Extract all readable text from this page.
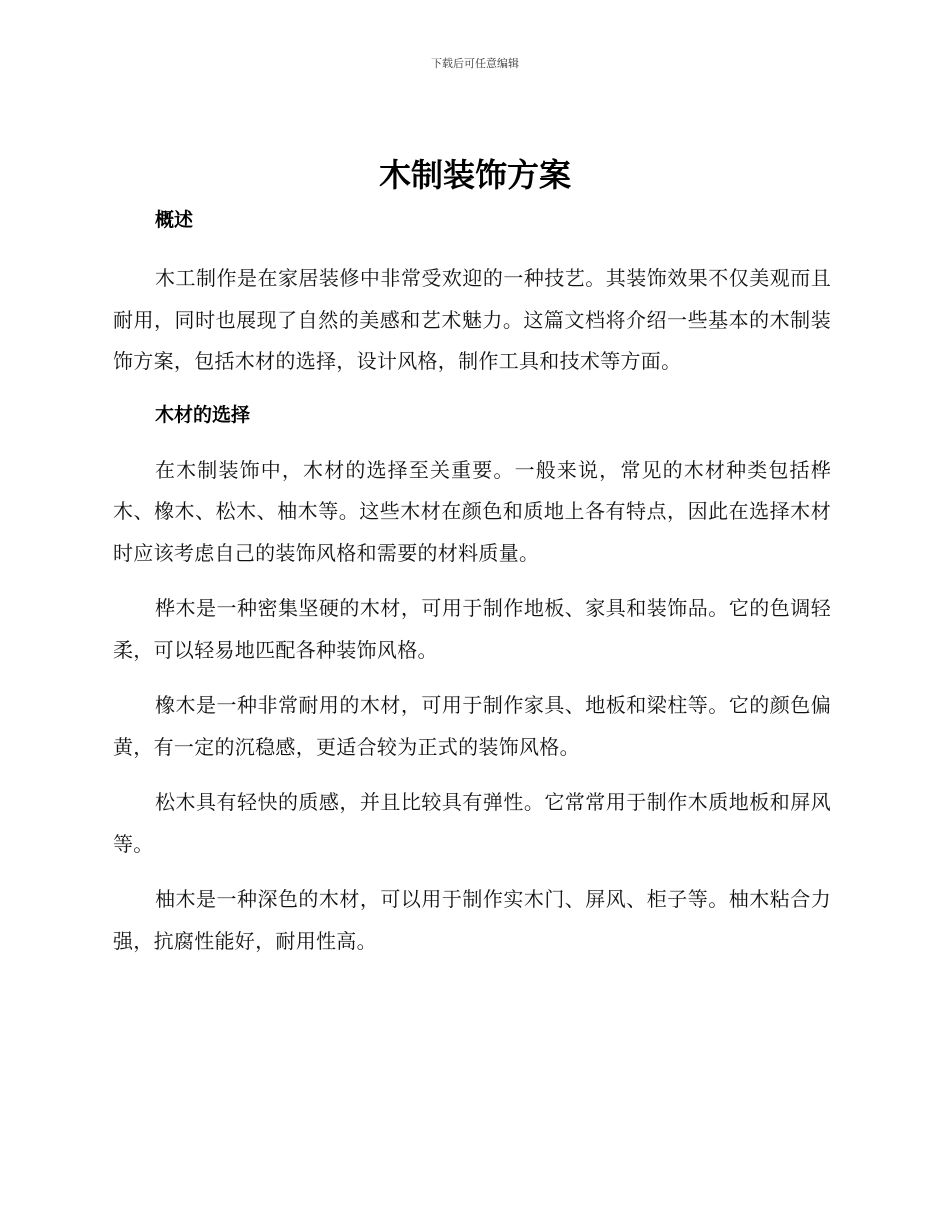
下载后可任意编辑
木制装饰方案
概述

木工制作是在家居装修中非常受欢迎的一种技艺。其装饰效果不仅美观而且耐用，同时也展现了自然的美感和艺术魅力。这篇文档将介绍一些基本的木制装饰方案，包括木材的选择，设计风格，制作工具和技术等方面。

木材的选择

在木制装饰中，木材的选择至关重要。一般来说，常见的木材种类包括桦木、橡木、松木、柚木等。这些木材在颜色和质地上各有特点，因此在选择木材时应该考虑自己的装饰风格和需要的材料质量。

桦木是一种密集坚硬的木材，可用于制作地板、家具和装饰品。它的色调轻柔，可以轻易地匹配各种装饰风格。

橡木是一种非常耐用的木材，可用于制作家具、地板和梁柱等。它的颜色偏黄，有一定的沉稳感，更适合较为正式的装饰风格。

松木具有轻快的质感，并且比较具有弹性。它常常用于制作木质地板和屏风等。

柚木是一种深色的木材，可以用于制作实木门、屏风、柜子等。柚木粘合力强，抗腐性能好，耐用性高。
